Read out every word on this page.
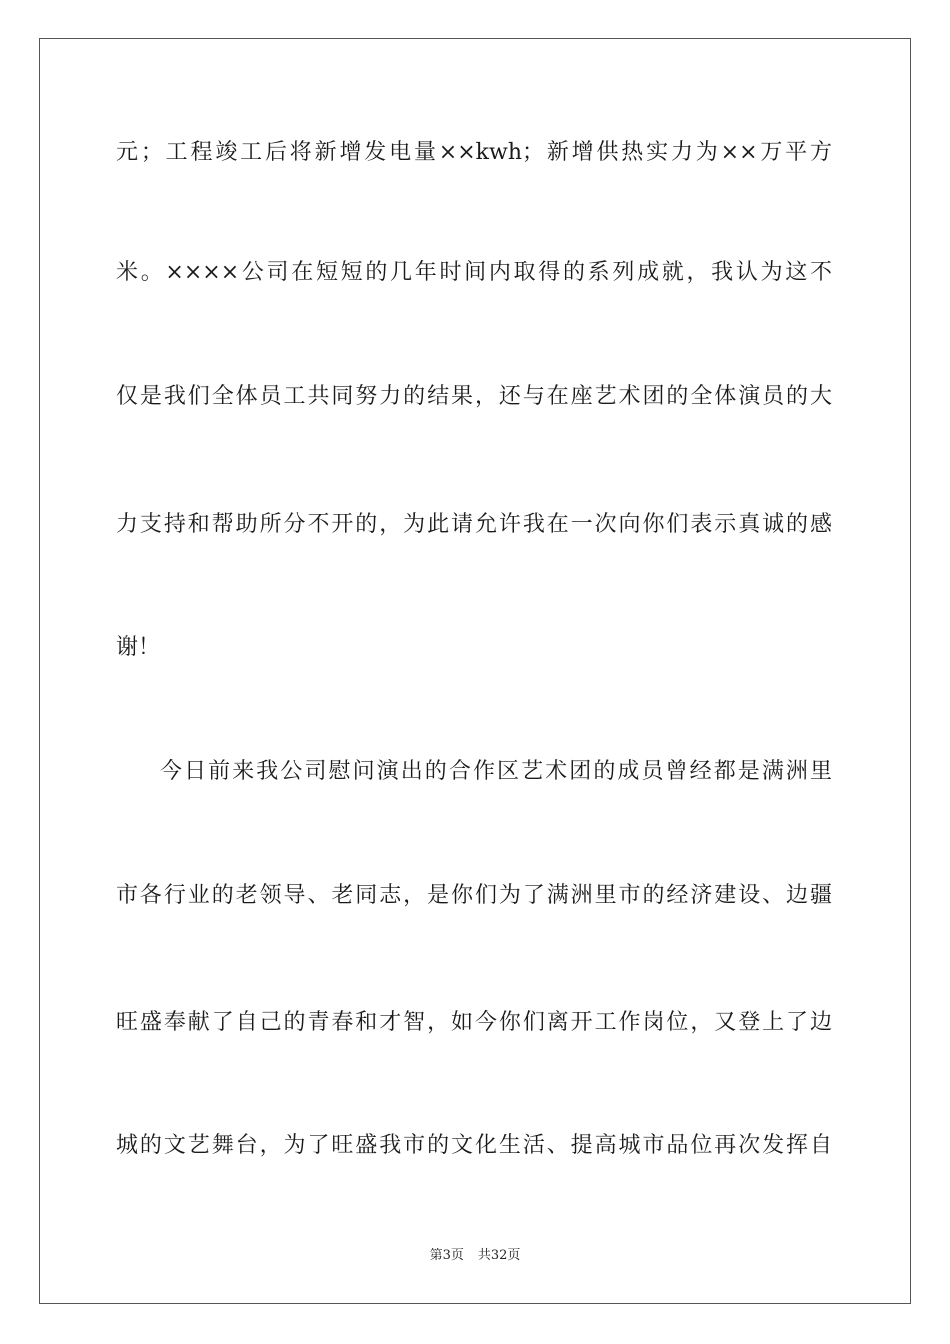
元；工程竣工后将新增发电量××kwh；新增供热实力为××万平方
米。××××公司在短短的几年时间内取得的系列成就，我认为这不
仅是我们全体员工共同努力的结果，还与在座艺术团的全体演员的大
力支持和帮助所分不开的，为此请允许我在一次向你们表示真诚的感
谢！
今日前来我公司慰问演出的合作区艺术团的成员曾经都是满洲里
市各行业的老领导、老同志，是你们为了满洲里市的经济建设、边疆
旺盛奉献了自己的青春和才智，如今你们离开工作岗位，又登上了边
城的文艺舞台，为了旺盛我市的文化生活、提高城市品位再次发挥自
第3页 共32页
